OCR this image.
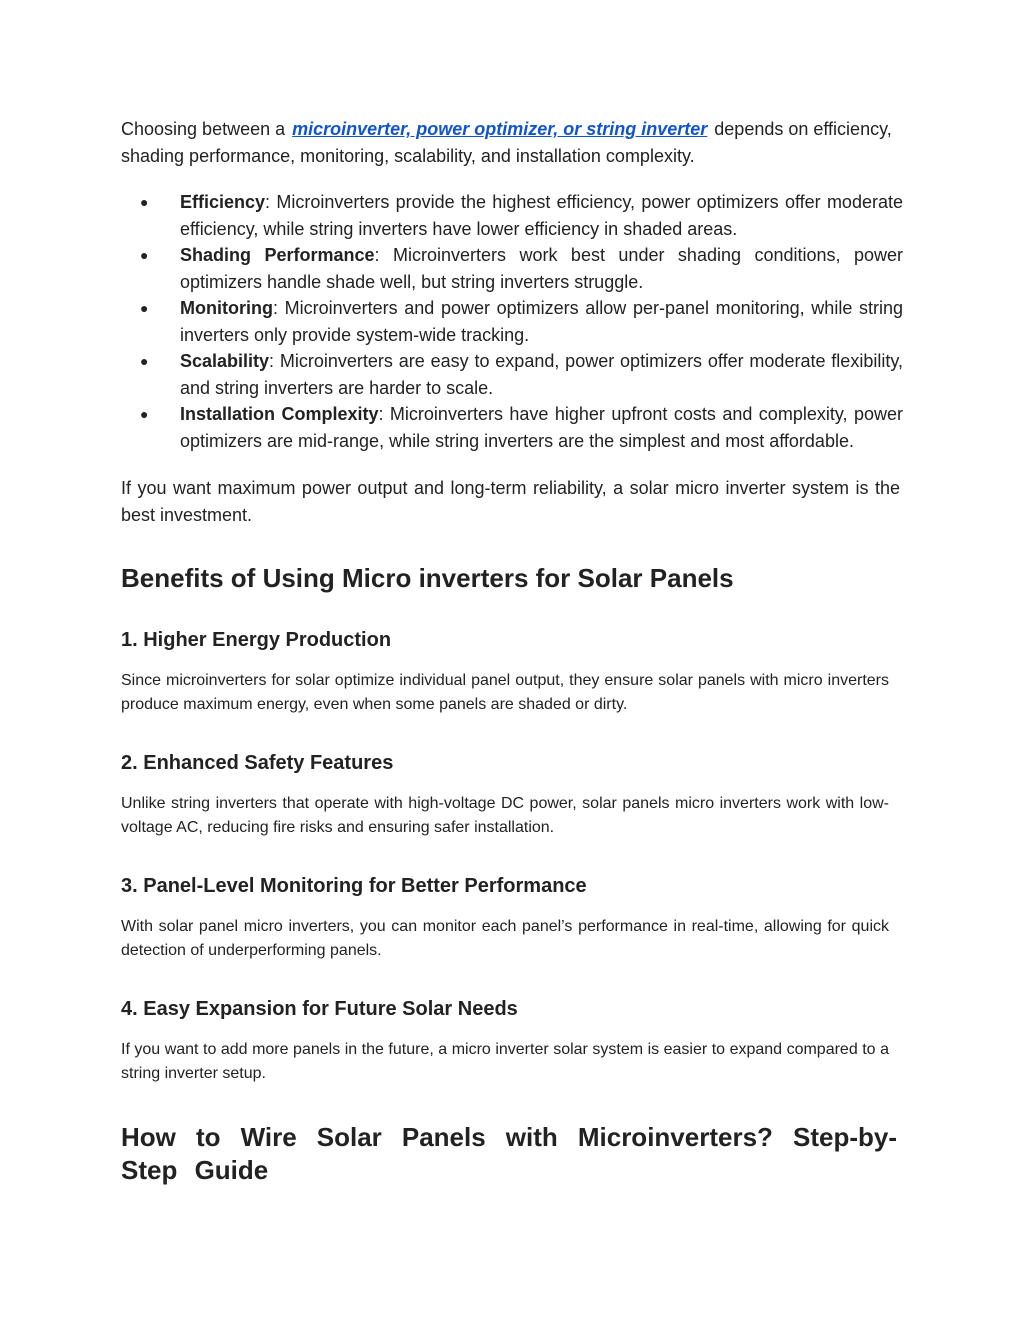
Choosing between a microinverter, power optimizer, or string inverter depends on efficiency, shading performance, monitoring, scalability, and installation complexity.

● Efficiency: Microinverters provide the highest efficiency, power optimizers offer moderate efficiency, while string inverters have lower efficiency in shaded areas.
● Shading Performance: Microinverters work best under shading conditions, power optimizers handle shade well, but string inverters struggle.
● Monitoring: Microinverters and power optimizers allow per-panel monitoring, while string inverters only provide system-wide tracking.
● Scalability: Microinverters are easy to expand, power optimizers offer moderate flexibility, and string inverters are harder to scale.
● Installation Complexity: Microinverters have higher upfront costs and complexity, power optimizers are mid-range, while string inverters are the simplest and most affordable.

If you want maximum power output and long-term reliability, a solar micro inverter system is the best investment.

Benefits of Using Micro inverters for Solar Panels
1. Higher Energy Production

Since microinverters for solar optimize individual panel output, they ensure solar panels with micro inverters produce maximum energy, even when some panels are shaded or dirty.

2. Enhanced Safety Features

Unlike string inverters that operate with high-voltage DC power, solar panels micro inverters work with low-voltage AC, reducing fire risks and ensuring safer installation.

3. Panel-Level Monitoring for Better Performance

With solar panel micro inverters, you can monitor each panel’s performance in real-time, allowing for quick detection of underperforming panels.

4. Easy Expansion for Future Solar Needs

If you want to add more panels in the future, a micro inverter solar system is easier to expand compared to a string inverter setup.

How to Wire Solar Panels with Microinverters? Step-by-Step Guide
